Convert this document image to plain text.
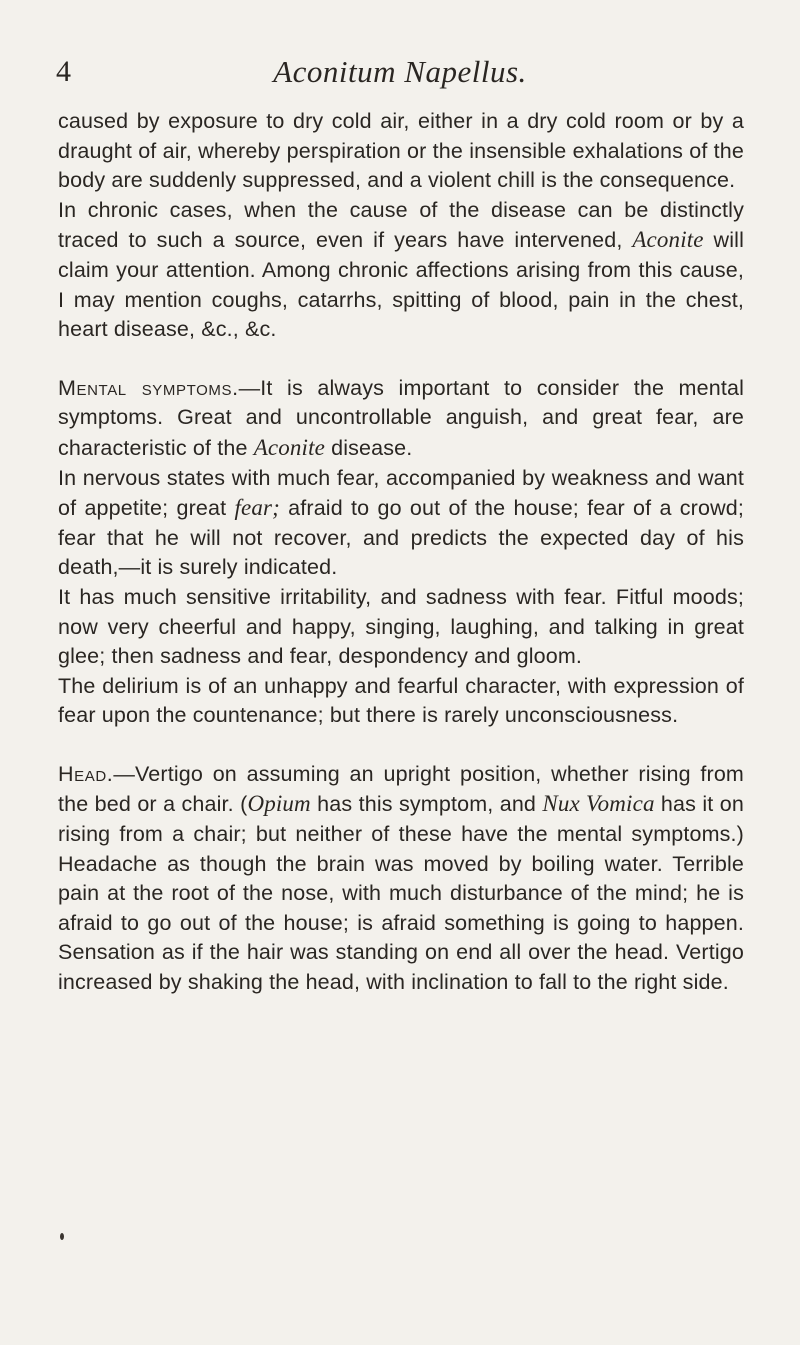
4	Aconitum Napellus.

caused by exposure to dry cold air, either in a dry cold room or by a draught of air, whereby perspiration or the insensible exhalations of the body are suddenly suppressed, and a violent chill is the consequence.

In chronic cases, when the cause of the disease can be distinctly traced to such a source, even if years have intervened, Aconite will claim your attention. Among chronic affections arising from this cause, I may mention coughs, catarrhs, spitting of blood, pain in the chest, heart disease, &c., &c.

Mental symptoms.—It is always important to consider the mental symptoms. Great and uncontrollable anguish, and great fear, are characteristic of the Aconite disease.

In nervous states with much fear, accompanied by weakness and want of appetite; great fear; afraid to go out of the house; fear of a crowd; fear that he will not recover, and predicts the expected day of his death,—it is surely indicated.

It has much sensitive irritability, and sadness with fear. Fitful moods; now very cheerful and happy, singing, laughing, and talking in great glee; then sadness and fear, despondency and gloom.

The delirium is of an unhappy and fearful character, with expression of fear upon the countenance; but there is rarely unconsciousness.

Head.—Vertigo on assuming an upright position, whether rising from the bed or a chair. (Opium has this symptom, and Nux Vomica has it on rising from a chair; but neither of these have the mental symptoms.) Headache as though the brain was moved by boiling water. Terrible pain at the root of the nose, with much disturbance of the mind; he is afraid to go out of the house; is afraid something is going to happen. Sensation as if the hair was standing on end all over the head. Vertigo increased by shaking the head, with inclination to fall to the right side.
